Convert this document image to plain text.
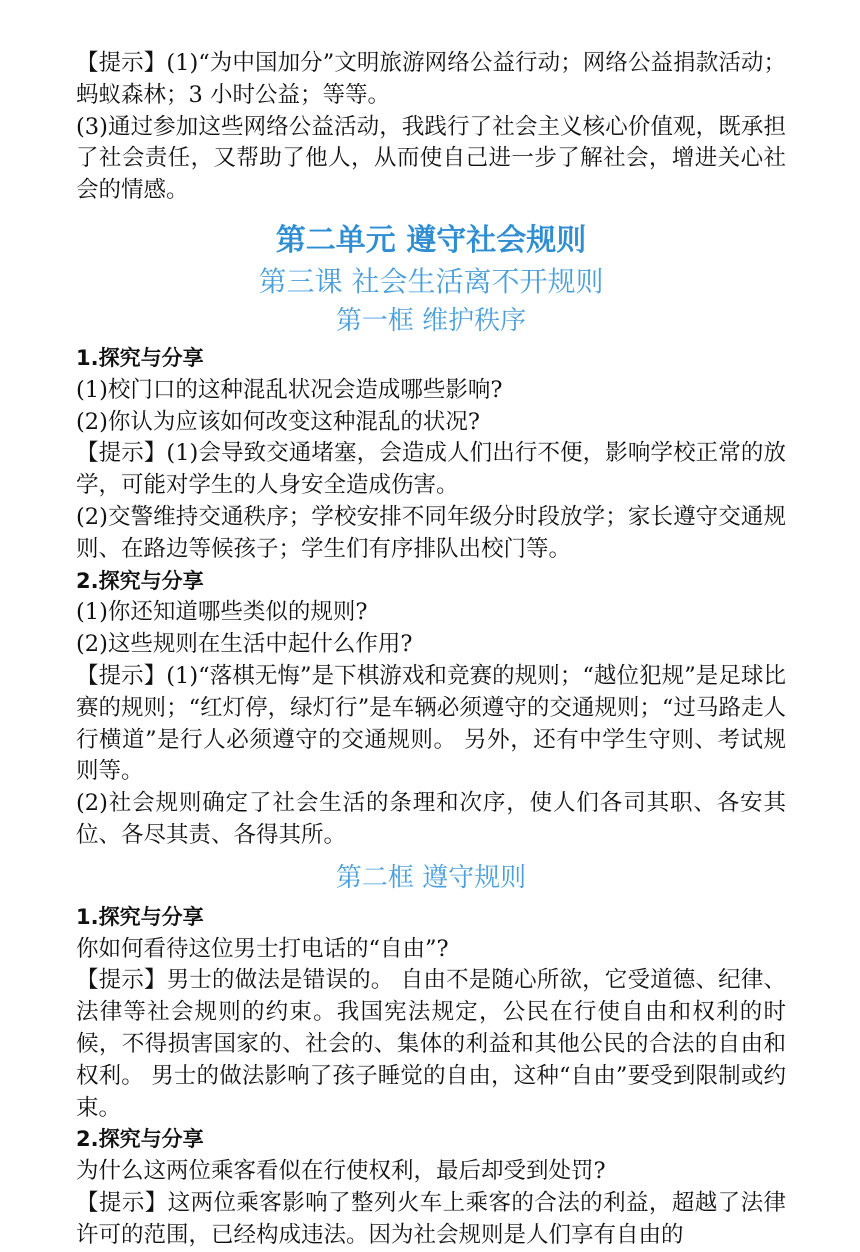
【提示】(1)“为中国加分”文明旅游网络公益行动；网络公益捐款活动；蚂蚁森林；3 小时公益；等等。

(3)通过参加这些网络公益活动，我践行了社会主义核心价值观，既承担了社会责任，又帮助了他人，从而使自己进一步了解社会，增进关心社会的情感。

第二单元 遵守社会规则
第三课 社会生活离不开规则
第一框 维护秩序

1.探究与分享

(1)校门口的这种混乱状况会造成哪些影响?

(2)你认为应该如何改变这种混乱的状况?

【提示】(1)会导致交通堵塞，会造成人们出行不便，影响学校正常的放学，可能对学生的人身安全造成伤害。

(2)交警维持交通秩序；学校安排不同年级分时段放学；家长遵守交通规则、在路边等候孩子；学生们有序排队出校门等。

2.探究与分享

(1)你还知道哪些类似的规则?

(2)这些规则在生活中起什么作用?

【提示】(1)“落棋无悔”是下棋游戏和竞赛的规则；“越位犯规”是足球比赛的规则；“红灯停，绿灯行”是车辆必须遵守的交通规则；“过马路走人行横道”是行人必须遵守的交通规则。 另外，还有中学生守则、考试规则等。

(2)社会规则确定了社会生活的条理和次序，使人们各司其职、各安其位、各尽其责、各得其所。

第二框 遵守规则

1.探究与分享

你如何看待这位男士打电话的“自由”?

【提示】男士的做法是错误的。 自由不是随心所欲，它受道德、纪律、法律等社会规则的约束。我国宪法规定，公民在行使自由和权利的时候，不得损害国家的、社会的、集体的利益和其他公民的合法的自由和权利。 男士的做法影响了孩子睡觉的自由，这种“自由”要受到限制或约束。

2.探究与分享

为什么这两位乘客看似在行使权利，最后却受到处罚?

【提示】这两位乘客影响了整列火车上乘客的合法的利益，超越了法律许可的范围，已经构成违法。因为社会规则是人们享有自由的
